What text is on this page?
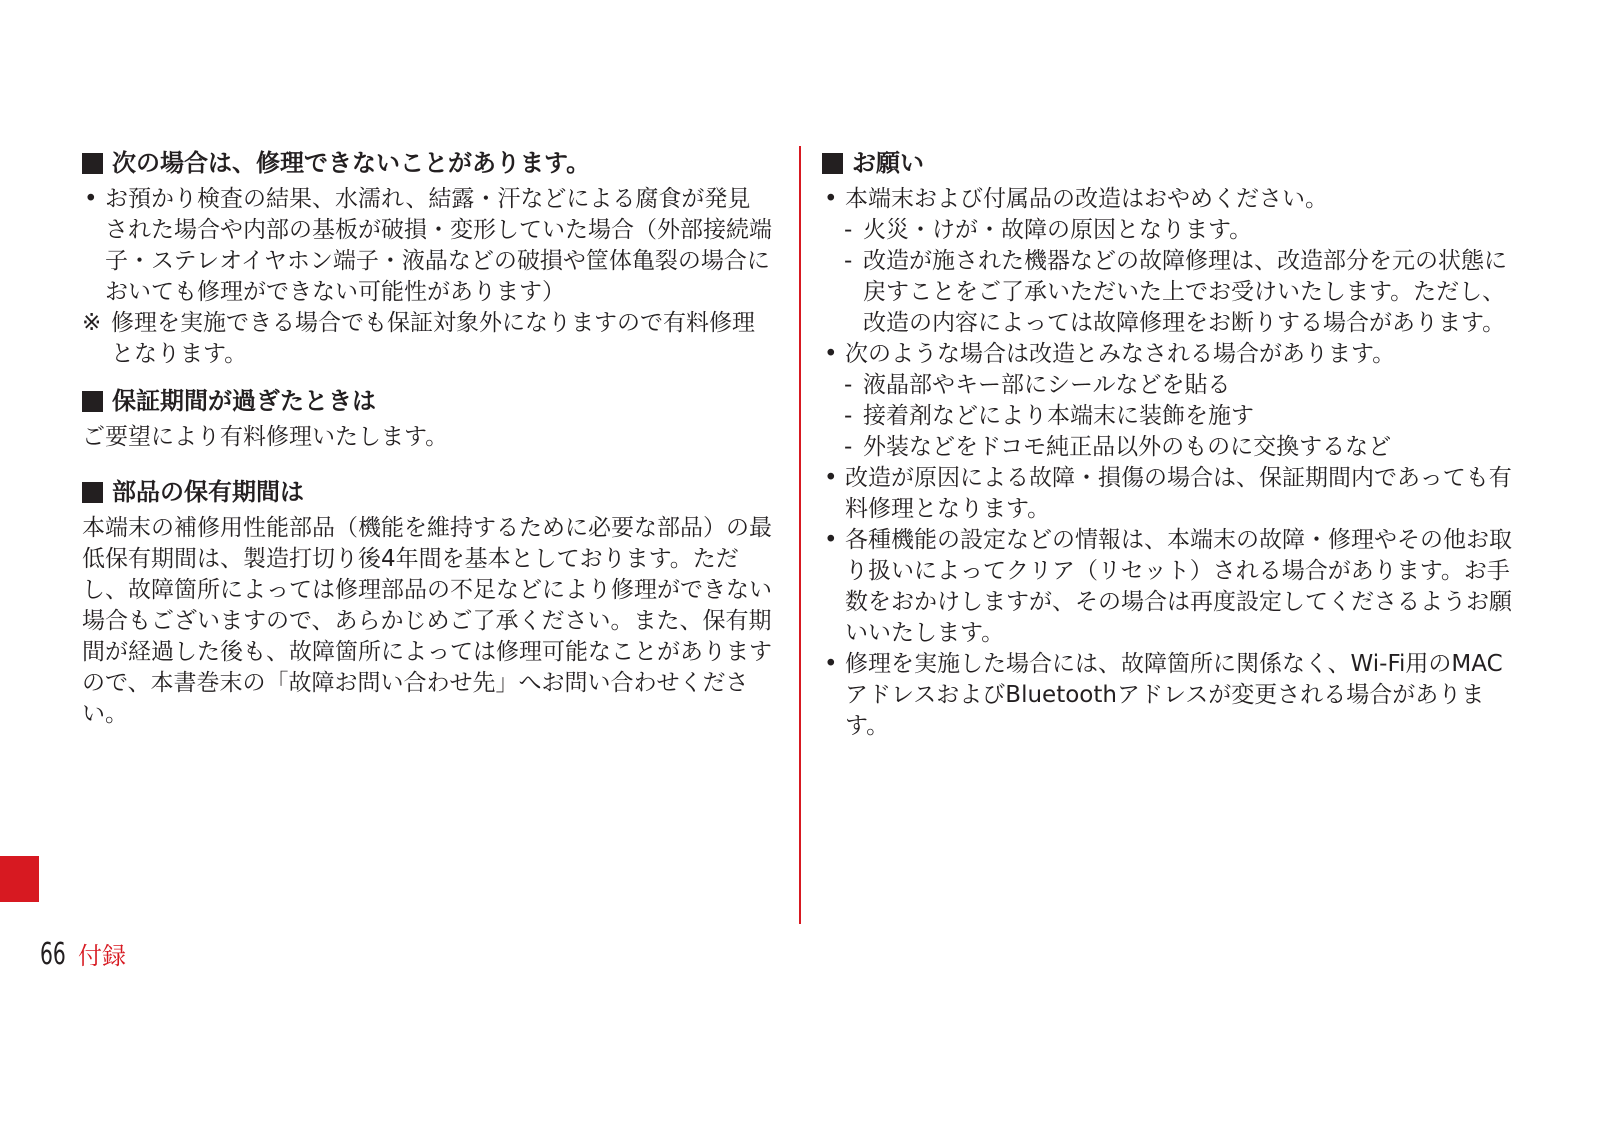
次の場合は、修理できないことがあります。

• お預かり検査の結果、水濡れ、結露・汗などによる腐食が発見された場合や内部の基板が破損・変形していた場合（外部接続端子・ステレオイヤホン端子・液晶などの破損や筐体亀裂の場合においても修理ができない可能性があります）

※ 修理を実施できる場合でも保証対象外になりますので有料修理となります。

保証期間が過ぎたときは

ご要望により有料修理いたします。

部品の保有期間は

本端末の補修用性能部品（機能を維持するために必要な部品）の最低保有期間は、製造打切り後4年間を基本としております。ただし、故障箇所によっては修理部品の不足などにより修理ができない場合もございますので、あらかじめご了承ください。また、保有期間が経過した後も、故障箇所によっては修理可能なことがありますので、本書巻末の「故障お問い合わせ先」へお問い合わせください。

お願い

• 本端末および付属品の改造はおやめください。

- 火災・けが・故障の原因となります。

- 改造が施された機器などの故障修理は、改造部分を元の状態に戻すことをご了承いただいた上でお受けいたします。ただし、改造の内容によっては故障修理をお断りする場合があります。

• 次のような場合は改造とみなされる場合があります。

- 液晶部やキー部にシールなどを貼る

- 接着剤などにより本端末に装飾を施す

- 外装などをドコモ純正品以外のものに交換するなど

• 改造が原因による故障・損傷の場合は、保証期間内であっても有料修理となります。

• 各種機能の設定などの情報は、本端末の故障・修理やその他お取り扱いによってクリア（リセット）される場合があります。お手数をおかけしますが、その場合は再度設定してくださるようお願いいたします。

• 修理を実施した場合には、故障箇所に関係なく、Wi-Fi用のMACアドレスおよびBluetoothアドレスが変更される場合があります。

66 付録
